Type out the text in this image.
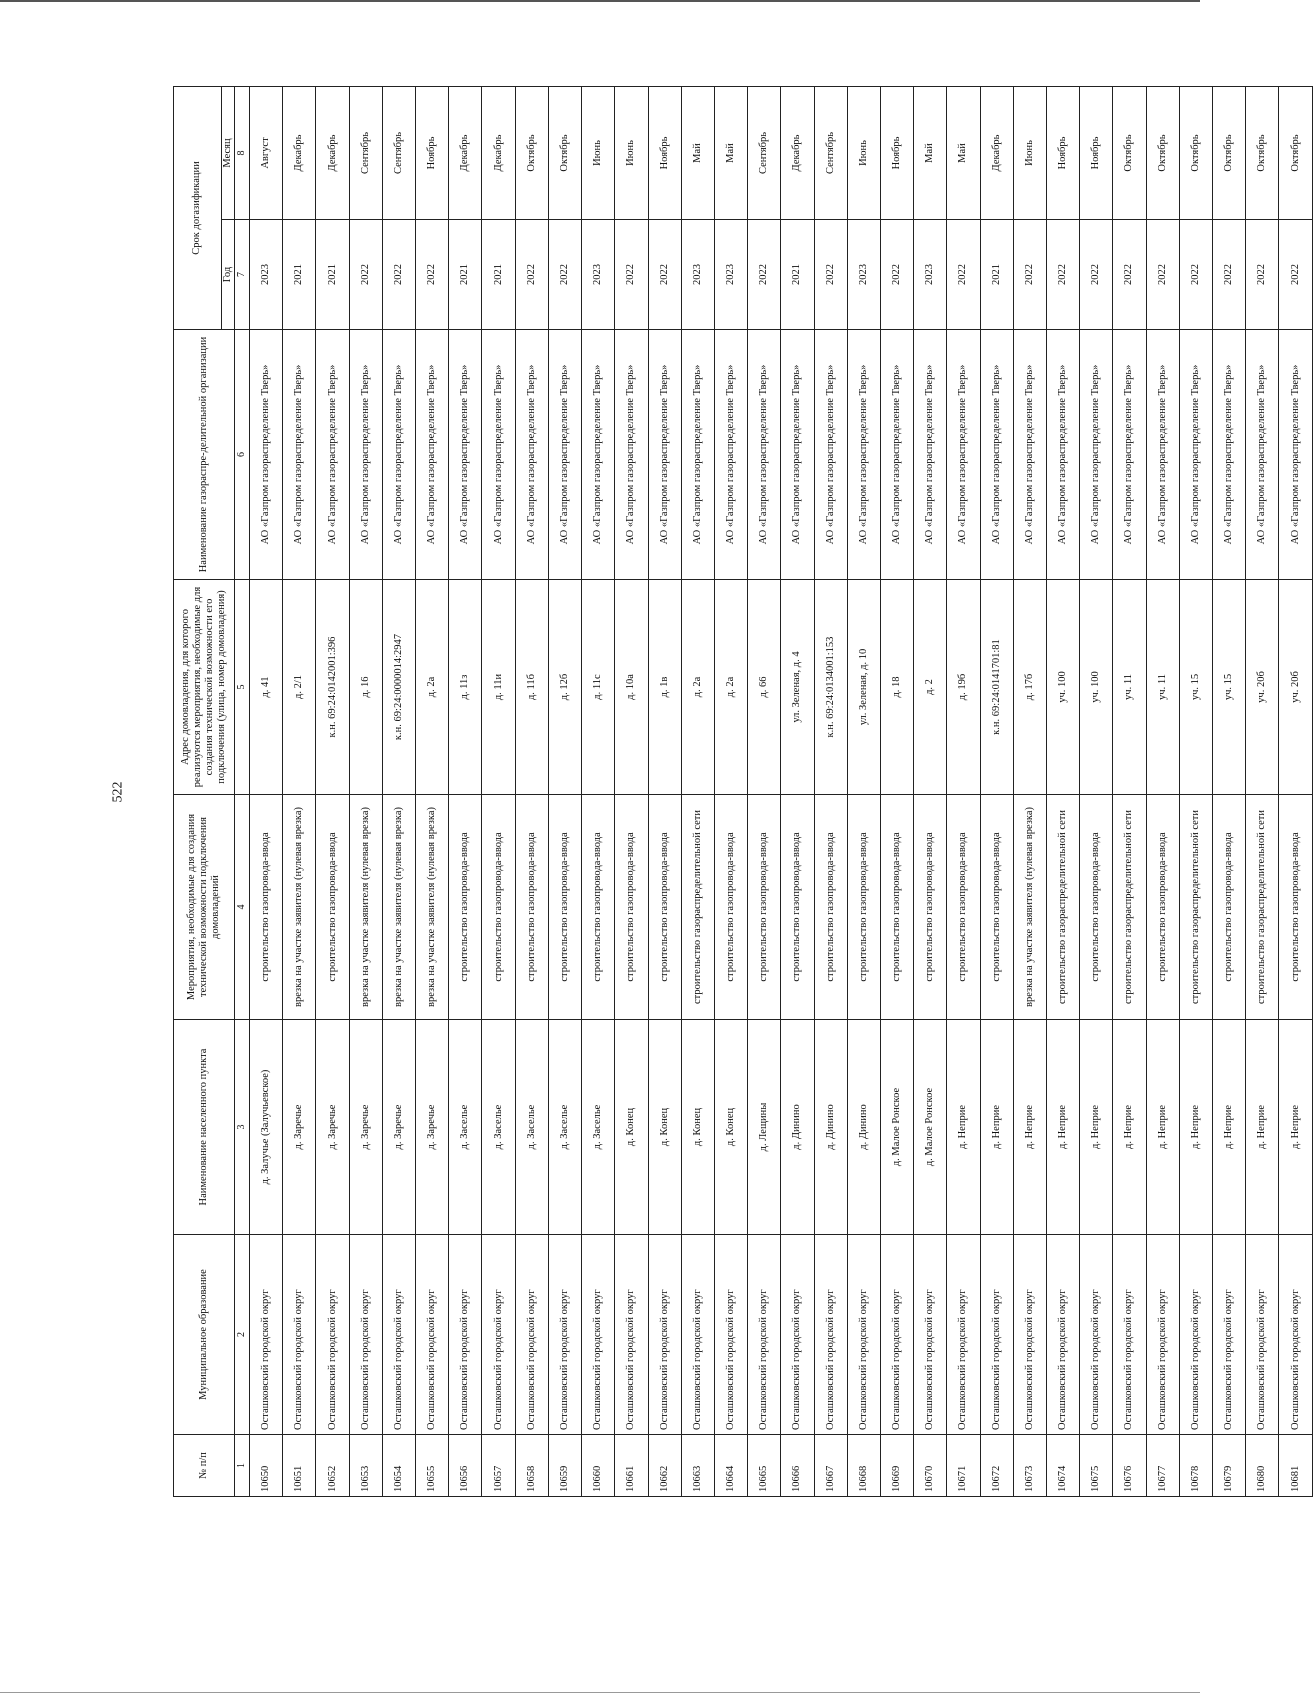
522
№ п/п	Муниципальное образование	Наименование населенного пункта	Мероприятия, необходимые для создания технической возможности подключения домовладений	Адрес домовладения, для которого реализуются мероприятия, необходимые для создания технической возможности его подключения (улица, номер домовладения)	Наименование газораспре-делительной организации	Срок догазификации	
						Год	Месяц
1	2	3	4	5	6	7	8
10650	Осташковский городской округ	д. Залучье (Залучьевское)	строительство газопровода-ввода	д. 41	АО «Газпром газораспределение Тверь»	2023	Август
10651	Осташковский городской округ	д. Заречье	врезка на участке заявителя (нулевая врезка)	д. 2/1	АО «Газпром газораспределение Тверь»	2021	Декабрь
10652	Осташковский городской округ	д. Заречье	строительство газопровода-ввода	к.н. 69:24:0142001:396	АО «Газпром газораспределение Тверь»	2021	Декабрь
10653	Осташковский городской округ	д. Заречье	врезка на участке заявителя (нулевая врезка)	д. 16	АО «Газпром газораспределение Тверь»	2022	Сентябрь
10654	Осташковский городской округ	д. Заречье	врезка на участке заявителя (нулевая врезка)	к.н. 69:24:0000014:2947	АО «Газпром газораспределение Тверь»	2022	Сентябрь
10655	Осташковский городской округ	д. Заречье	врезка на участке заявителя (нулевая врезка)	д. 2а	АО «Газпром газораспределение Тверь»	2022	Ноябрь
10656	Осташковский городской округ	д. Заселье	строительство газопровода-ввода	д. 11з	АО «Газпром газораспределение Тверь»	2021	Декабрь
10657	Осташковский городской округ	д. Заселье	строительство газопровода-ввода	д. 11и	АО «Газпром газораспределение Тверь»	2021	Декабрь
10658	Осташковский городской округ	д. Заселье	строительство газопровода-ввода	д. 11б	АО «Газпром газораспределение Тверь»	2022	Октябрь
10659	Осташковский городской округ	д. Заселье	строительство газопровода-ввода	д. 12б	АО «Газпром газораспределение Тверь»	2022	Октябрь
10660	Осташковский городской округ	д. Заселье	строительство газопровода-ввода	д. 11с	АО «Газпром газораспределение Тверь»	2023	Июнь
10661	Осташковский городской округ	д. Конец	строительство газопровода-ввода	д. 10а	АО «Газпром газораспределение Тверь»	2022	Июнь
10662	Осташковский городской округ	д. Конец	строительство газопровода-ввода	д. 1в	АО «Газпром газораспределение Тверь»	2022	Ноябрь
10663	Осташковский городской округ	д. Конец	строительство газораспределительной сети	д. 2а	АО «Газпром газораспределение Тверь»	2023	Май
10664	Осташковский городской округ	д. Конец	строительство газопровода-ввода	д. 2а	АО «Газпром газораспределение Тверь»	2023	Май
10665	Осташковский городской округ	д. Лещины	строительство газопровода-ввода	д. 66	АО «Газпром газораспределение Тверь»	2022	Сентябрь
10666	Осташковский городской округ	д. Динино	строительство газопровода-ввода	ул. Зеленая, д. 4	АО «Газпром газораспределение Тверь»	2021	Декабрь
10667	Осташковский городской округ	д. Динино	строительство газопровода-ввода	к.н. 69:24:0134001:153	АО «Газпром газораспределение Тверь»	2022	Сентябрь
10668	Осташковский городской округ	д. Динино	строительство газопровода-ввода	ул. Зеленая, д. 10	АО «Газпром газораспределение Тверь»	2023	Июнь
10669	Осташковский городской округ	д. Малое Ронское	строительство газопровода-ввода	д. 18	АО «Газпром газораспределение Тверь»	2022	Ноябрь
10670	Осташковский городской округ	д. Малое Ронское	строительство газопровода-ввода	д. 2	АО «Газпром газораспределение Тверь»	2023	Май
10671	Осташковский городской округ	д. Неприе	строительство газопровода-ввода	д. 19б	АО «Газпром газораспределение Тверь»	2022	Май
10672	Осташковский городской округ	д. Неприе	строительство газопровода-ввода	к.н. 69:24:0141701:81	АО «Газпром газораспределение Тверь»	2021	Декабрь
10673	Осташковский городской округ	д. Неприе	врезка на участке заявителя (нулевая врезка)	д. 17б	АО «Газпром газораспределение Тверь»	2022	Июнь
10674	Осташковский городской округ	д. Неприе	строительство газораспределительной сети	уч. 100	АО «Газпром газораспределение Тверь»	2022	Ноябрь
10675	Осташковский городской округ	д. Неприе	строительство газопровода-ввода	уч. 100	АО «Газпром газораспределение Тверь»	2022	Ноябрь
10676	Осташковский городской округ	д. Неприе	строительство газораспределительной сети	уч. 11	АО «Газпром газораспределение Тверь»	2022	Октябрь
10677	Осташковский городской округ	д. Неприе	строительство газопровода-ввода	уч. 11	АО «Газпром газораспределение Тверь»	2022	Октябрь
10678	Осташковский городской округ	д. Неприе	строительство газораспределительной сети	уч. 15	АО «Газпром газораспределение Тверь»	2022	Октябрь
10679	Осташковский городской округ	д. Неприе	строительство газопровода-ввода	уч. 15	АО «Газпром газораспределение Тверь»	2022	Октябрь
10680	Осташковский городской округ	д. Неприе	строительство газораспределительной сети	уч. 20б	АО «Газпром газораспределение Тверь»	2022	Октябрь
10681	Осташковский городской округ	д. Неприе	строительство газопровода-ввода	уч. 20б	АО «Газпром газораспределение Тверь»	2022	Октябрь
